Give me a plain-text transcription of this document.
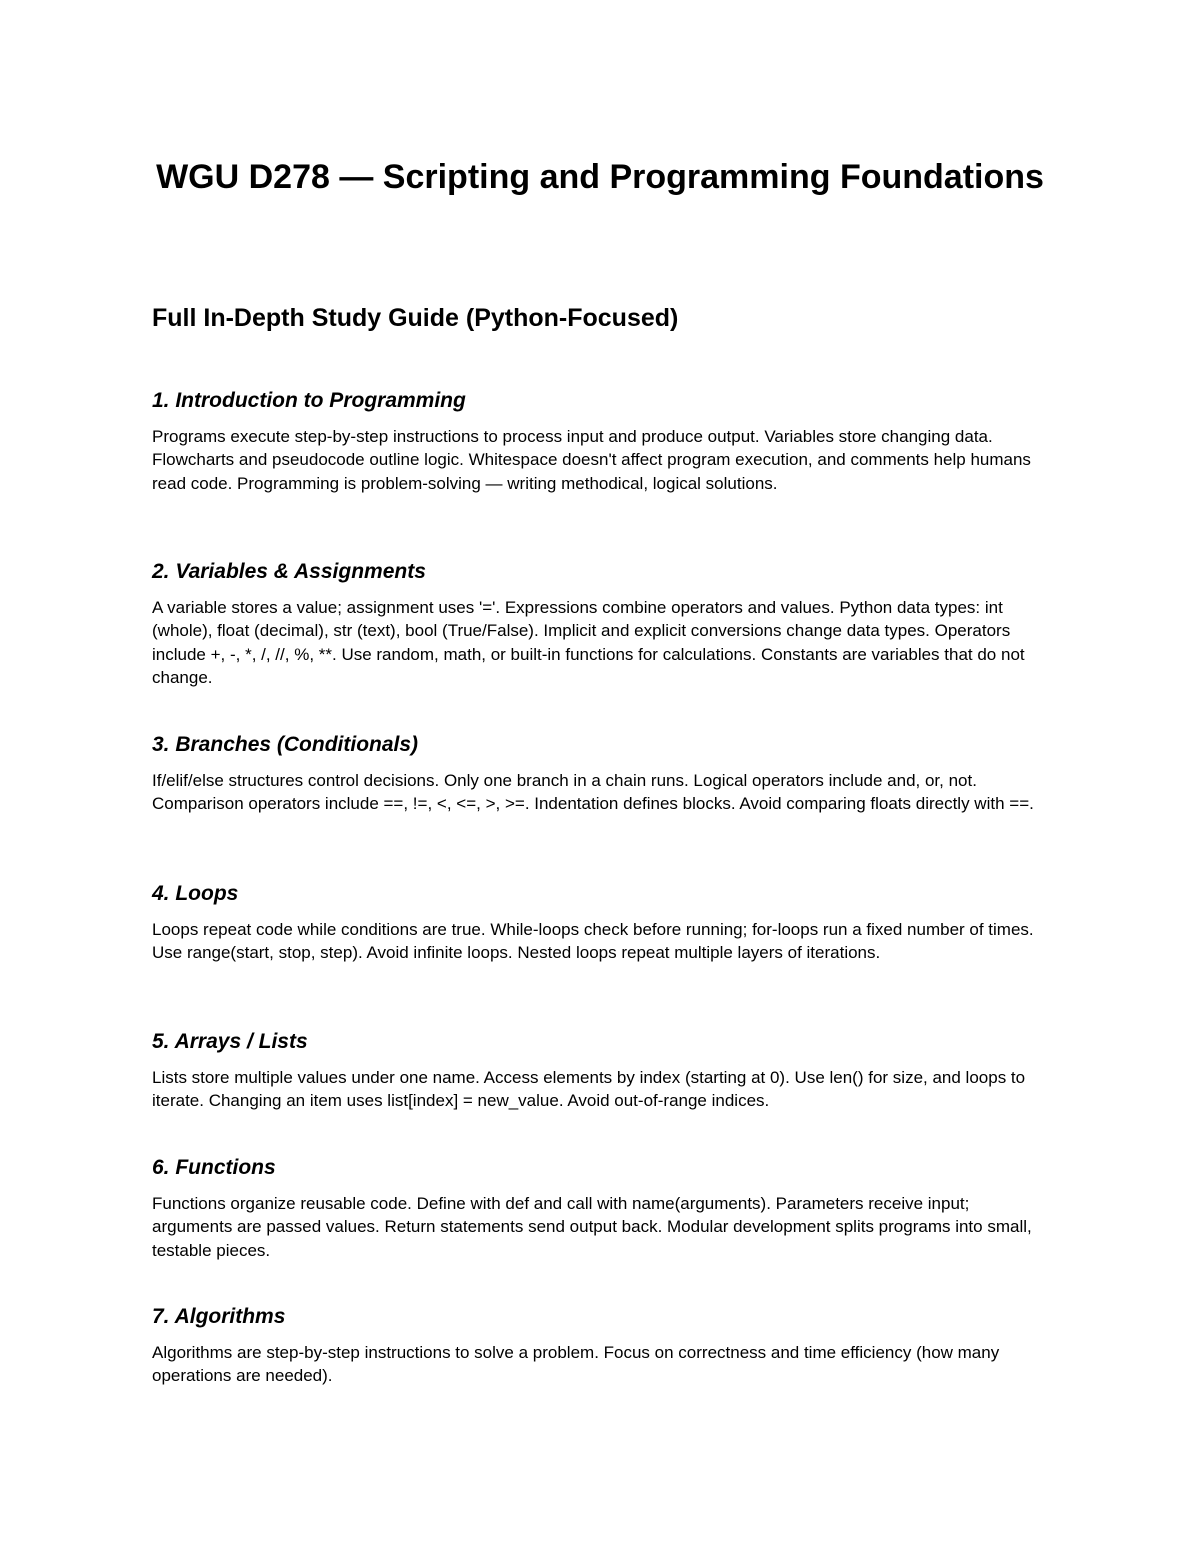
WGU D278 — Scripting and Programming Foundations
Full In-Depth Study Guide (Python-Focused)
1. Introduction to Programming

Programs execute step-by-step instructions to process input and produce output. Variables store changing data. Flowcharts and pseudocode outline logic. Whitespace doesn't affect program execution, and comments help humans read code. Programming is problem-solving — writing methodical, logical solutions.

2. Variables & Assignments

A variable stores a value; assignment uses '='. Expressions combine operators and values. Python data types: int (whole), float (decimal), str (text), bool (True/False). Implicit and explicit conversions change data types. Operators include +, -, *, /, //, %, **. Use random, math, or built-in functions for calculations. Constants are variables that do not change.

3. Branches (Conditionals)

If/elif/else structures control decisions. Only one branch in a chain runs. Logical operators include and, or, not. Comparison operators include ==, !=, <, <=, >, >=. Indentation defines blocks. Avoid comparing floats directly with ==.

4. Loops

Loops repeat code while conditions are true. While-loops check before running; for-loops run a fixed number of times. Use range(start, stop, step). Avoid infinite loops. Nested loops repeat multiple layers of iterations.

5. Arrays / Lists

Lists store multiple values under one name. Access elements by index (starting at 0). Use len() for size, and loops to iterate. Changing an item uses list[index] = new_value. Avoid out-of-range indices.

6. Functions

Functions organize reusable code. Define with def and call with name(arguments). Parameters receive input; arguments are passed values. Return statements send output back. Modular development splits programs into small, testable pieces.

7. Algorithms

Algorithms are step-by-step instructions to solve a problem. Focus on correctness and time efficiency (how many operations are needed).
